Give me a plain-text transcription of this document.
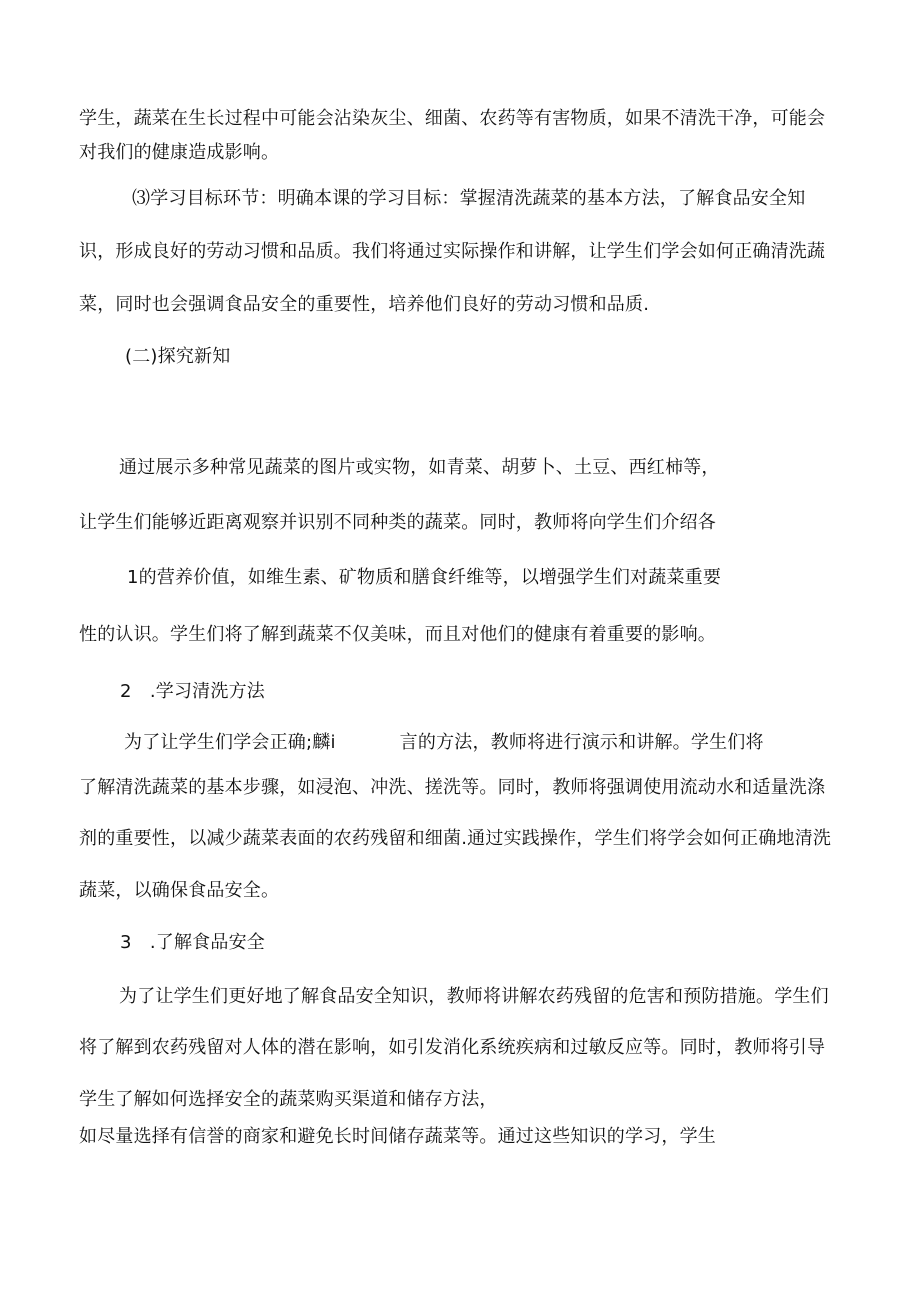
学生，蔬菜在生长过程中可能会沾染灰尘、细菌、农药等有害物质，如果不清洗干净，可能会
对我们的健康造成影响。
⑶学习目标环节：明确本课的学习目标：掌握清洗蔬菜的基本方法，了解食品安全知
识，形成良好的劳动习惯和品质。我们将通过实际操作和讲解，让学生们学会如何正确清洗蔬
菜，同时也会强调食品安全的重要性，培养他们良好的劳动习惯和品质.
(二)探究新知
通过展示多种常见蔬菜的图片或实物，如青菜、胡萝卜、土豆、西红柿等，
让学生们能够近距离观察并识别不同种类的蔬菜。同时，教师将向学生们介绍各
1的营养价值，如维生素、矿物质和膳食纤维等，以增强学生们对蔬菜重要
性的认识。学生们将了解到蔬菜不仅美味，而且对他们的健康有着重要的影响。
2　.学习清洗方法
为了让学生们学会正确;麟i	言的方法，教师将进行演示和讲解。学生们将
了解清洗蔬菜的基本步骤，如浸泡、冲洗、搓洗等。同时，教师将强调使用流动水和适量洗涤
剂的重要性，以减少蔬菜表面的农药残留和细菌.通过实践操作，学生们将学会如何正确地清洗
蔬菜，以确保食品安全。
3　.了解食品安全
为了让学生们更好地了解食品安全知识，教师将讲解农药残留的危害和预防措施。学生们
将了解到农药残留对人体的潜在影响，如引发消化系统疾病和过敏反应等。同时，教师将引导
学生了解如何选择安全的蔬菜购买渠道和储存方法，
如尽量选择有信誉的商家和避免长时间储存蔬菜等。通过这些知识的学习，学生
